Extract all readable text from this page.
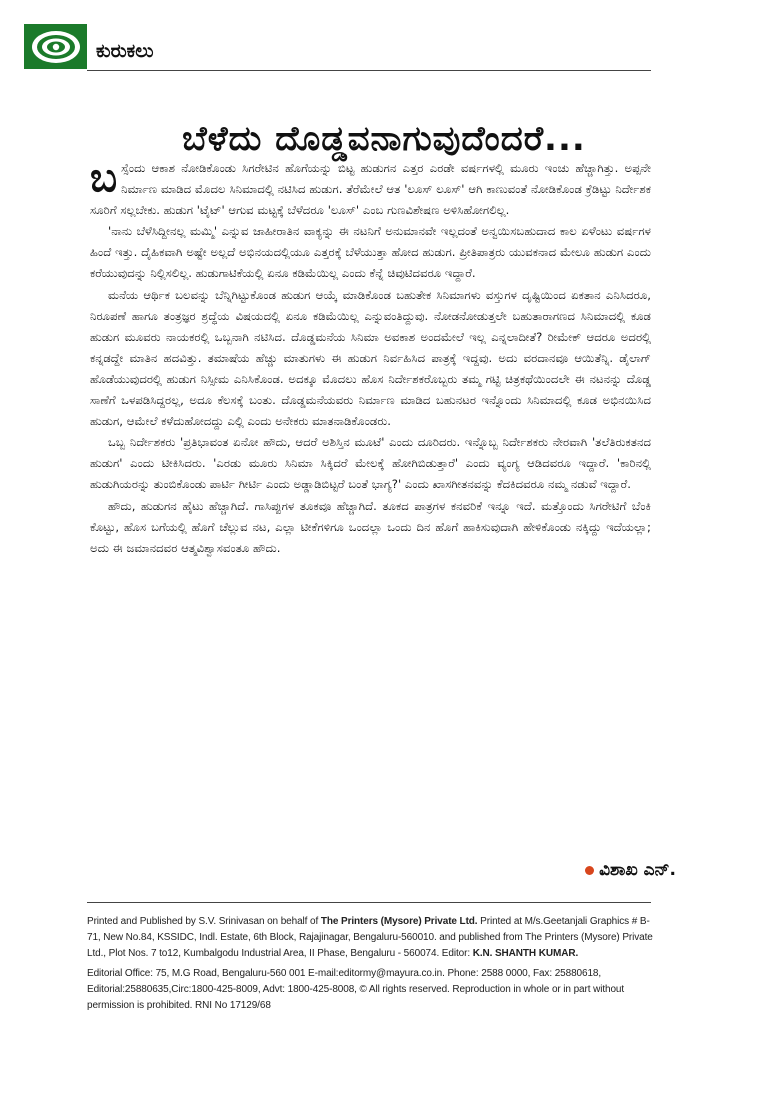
ಕುರುಕಲು
ಬೆಳೆದು ದೊಡ್ಡವನಾಗುವುದೆಂದರೆ...

ಬಸ್ಸೆಂದು ಆಕಾಶ ನೋಡಿಕೊಂಡು ಸಿಗರೇಟಿನ ಹೊಗೆಯನ್ನು ಬಿಟ್ಟ ಹುಡುಗನ ಎತ್ತರ ಎರಡೇ ವರ್ಷಗಳಲ್ಲಿ ಮೂರು ಇಂಚು ಹೆಚ್ಚಾಗಿತ್ತು. ಅಪ್ಪನೇ ನಿರ್ಮಾಣ ಮಾಡಿದ ಮೊದಲ ಸಿನಿಮಾದಲ್ಲಿ ನಟಿಸಿದ ಹುಡುಗ. ತೆರೆಮೇಲೆ ಆತ 'ಲೂಸ್ ಲೂಸ್' ಆಗಿ ಕಾಣುವಂತೆ ನೋಡಿಕೊಂಡ ಕ್ರೆಡಿಟ್ಟು ನಿರ್ದೇಶಕ ಸೂರಿಗೆ ಸಲ್ಲಬೇಕು. ಹುಡುಗ 'ಟೈಟ್' ಆಗುವ ಮಟ್ಟಕ್ಕೆ ಬೆಳೆದರೂ 'ಲೂಸ್' ಎಂಬ ಗುಣವಿಶೇಷಣ ಅಳಿಸಿಹೋಗಲಿಲ್ಲ.

'ನಾನು ಬೆಳೆಸಿದ್ದೀನಲ್ಲ ಮಮ್ಮಿ' ಎನ್ನುವ ಜಾಹೀರಾತಿನ ವಾಕ್ಯನ್ನು ಈ ನಟನಿಗೆ ಅನುಮಾನವೇ ಇಲ್ಲದಂತೆ ಅನ್ವಯಿಸಬಹುದಾದ ಕಾಲ ಏಳೆಂಟು ವರ್ಷಗಳ ಹಿಂದೆ ಇತ್ತು. ದೈಹಿಕವಾಗಿ ಅಷ್ಟೇ ಅಲ್ಲದೆ ಅಭಿನಯದಲ್ಲಿಯೂ ಎತ್ತರಕ್ಕೆ ಬೆಳೆಯುತ್ತಾ ಹೋದ ಹುಡುಗ. ಪ್ರೀತಿಪಾತ್ರರು ಯುವಕನಾದ ಮೇಲೂ ಹುಡುಗ ಎಂದು ಕರೆಯುವುದನ್ನು ನಿಲ್ಲಿಸಲಿಲ್ಲ. ಹುಡುಗಾಟಿಕೆಯಲ್ಲಿ ಏನೂ ಕಡಿಮೆಯಿಲ್ಲ ಎಂದು ಕೆನ್ನೆ ಚಿವುಟಿದವರೂ ಇದ್ದಾರೆ.

ಮನೆಯ ಆರ್ಥಿಕ ಬಲವನ್ನು ಬೆನ್ನಿಗಿಟ್ಟುಕೊಂಡ ಹುಡುಗ ಆಯ್ಕೆ ಮಾಡಿಕೊಂಡ ಬಹುತೇಕ ಸಿನಿಮಾಗಳು ವಸ್ತುಗಳ ದೃಷ್ಟಿಯಿಂದ ಏಕತಾನ ಎನಿಸಿದರೂ, ನಿರೂಪಣೆ ಹಾಗೂ ತಂತ್ರಜ್ಞರ ಶ್ರದ್ಧೆಯ ವಿಷಯದಲ್ಲಿ ಏನೂ ಕಡಿಮೆಯಿಲ್ಲ ಎನ್ನುವಂತಿದ್ದುವು. ನೋಡನೋಡುತ್ತಲೇ ಬಹುತಾರಾಗಣದ ಸಿನಿಮಾದಲ್ಲಿ ಕೂಡ ಹುಡುಗ ಮೂವರು ನಾಯಕರಲ್ಲಿ ಒಬ್ಬನಾಗಿ ನಟಿಸಿದ. ದೊಡ್ಡಮನೆಯ ಸಿನಿಮಾ ಅವಕಾಶ ಅಂದಮೇಲೆ ಇಲ್ಲ ಎನ್ನಲಾದೀತೆ? ರೀಮೇಕ್ ಆದರೂ ಅದರಲ್ಲಿ ಕನ್ನಡದ್ದೇ ಮಾತಿನ ಹದವಿತ್ತು. ತಮಾಷೆಯ ಹೆಚ್ಚು ಮಾತುಗಳು ಈ ಹುಡುಗ ನಿರ್ವಹಿಸಿದ ಪಾತ್ರಕ್ಕೆ ಇದ್ದವು. ಅದು ವರದಾನವೂ ಆಯಿತೆನ್ನಿ. ಡೈಲಾಗ್ ಹೊಡೆಯುವುದರಲ್ಲಿ ಹುಡುಗ ನಿಸ್ಸೀಮ ಎನಿಸಿಕೊಂಡ. ಅದಕ್ಕೂ ಮೊದಲು ಹೊಸ ನಿರ್ದೇಶಕರೊಬ್ಬರು ತಮ್ಮ ಗಟ್ಟಿ ಚಿತ್ರಕಥೆಯಿಂದಲೇ ಈ ನಟನನ್ನು ದೊಡ್ಡ ಸಾಣೆಗೆ ಒಳಪಡಿಸಿದ್ದರಲ್ಲ, ಅದೂ ಕೆಲಸಕ್ಕೆ ಬಂತು. ದೊಡ್ಡಮನೆಯವರು ನಿರ್ಮಾಣ ಮಾಡಿದ ಬಹುನಟರ ಇನ್ನೊಂದು ಸಿನಿಮಾದಲ್ಲಿ ಕೂಡ ಅಭಿನಯಿಸಿದ ಹುಡುಗ, ಆಮೇಲೆ ಕಳೆದುಹೋದದ್ದು ಎಲ್ಲಿ ಎಂದು ಅನೇಕರು ಮಾತನಾಡಿಕೊಂಡರು.

ಒಬ್ಬ ನಿರ್ದೇಶಕರು 'ಪ್ರತಿಭಾವಂತ ಏನೋ ಹೌದು, ಆದರೆ ಅಶಿಸ್ತಿನ ಮೂಟೆ' ಎಂದು ದೂರಿದರು. ಇನ್ನೊಬ್ಬ ನಿರ್ದೇಶಕರು ನೇರವಾಗಿ 'ತಲೆತಿರುಕತನದ ಹುಡುಗ' ಎಂದು ಟೀಕಿಸಿದರು. 'ಎರಡು ಮೂರು ಸಿನಿಮಾ ಸಿಕ್ಕಿದರೆ ಮೇಲಕ್ಕೆ ಹೋಗಿಬಿಡುತ್ತಾರೆ' ಎಂದು ವ್ಯಂಗ್ಯ ಆಡಿದವರೂ ಇದ್ದಾರೆ. 'ಕಾರಿನಲ್ಲಿ ಹುಡುಗಿಯರನ್ನು ತುಂಬಿಕೊಂಡು ಪಾರ್ಟಿ ಗೀರ್ಟಿ ಎಂದು ಅಡ್ಡಾಡಿಬಿಟ್ಟರೆ ಬಂತೆ ಭಾಗ್ಯ?' ಎಂದು ಖಾಸಗೀತನವನ್ನು ಕೆದಕಿದವರೂ ನಮ್ಮ ನಡುವೆ ಇದ್ದಾರೆ.

ಹೌದು, ಹುಡುಗನ ಹೈಟು ಹೆಚ್ಚಾಗಿದೆ. ಗಾಸಿಪ್ಪುಗಳ ತೂಕವೂ ಹೆಚ್ಚಾಗಿದೆ. ತೂಕದ ಪಾತ್ರಗಳ ಕನವರಿಕೆ ಇನ್ನೂ ಇದೆ. ಮತ್ತೊಂದು ಸಿಗರೇಟಿಗೆ ಬೆಂಕಿ ಕೊಟ್ಟು, ಹೊಸ ಬಗೆಯಲ್ಲಿ ಹೊಗೆ ಚೆಲ್ಲುವ ನಟ, ಎಲ್ಲಾ ಟೀಕೆಗಳಿಗೂ ಒಂದಲ್ಲಾ ಒಂದು ದಿನ ಹೊಗೆ ಹಾಕಿಸುವುದಾಗಿ ಹೇಳಿಕೊಂಡು ನಕ್ಕಿದ್ದು ಇದೆಯಲ್ಲಾ; ಅದು ಈ ಜಮಾನದವರ ಆತ್ಮವಿಶ್ವಾಸವಂತೂ ಹೌದು.

ವಿಶಾಖ ಎನ್.

Printed and Published by S.V. Srinivasan on behalf of The Printers (Mysore) Private Ltd. Printed at M/s.Geetanjali Graphics # B-71, New No.84, KSSIDC, Indl. Estate, 6th Block, Rajajinagar, Bengaluru-560010. and published from The Printers (Mysore) Private Ltd., Plot Nos. 7 to12, Kumbalgodu Industrial Area, II Phase, Bengaluru - 560074. Editor: K.N. SHANTH KUMAR.

Editorial Office: 75, M.G Road, Bengaluru-560 001 E-mail:editormy@mayura.co.in. Phone: 2588 0000, Fax: 25880618, Editorial:25880635,Circ:1800-425-8009, Advt: 1800-425-8008, © All rights reserved. Reproduction in whole or in part without permission is prohibited. RNI No 17129/68
